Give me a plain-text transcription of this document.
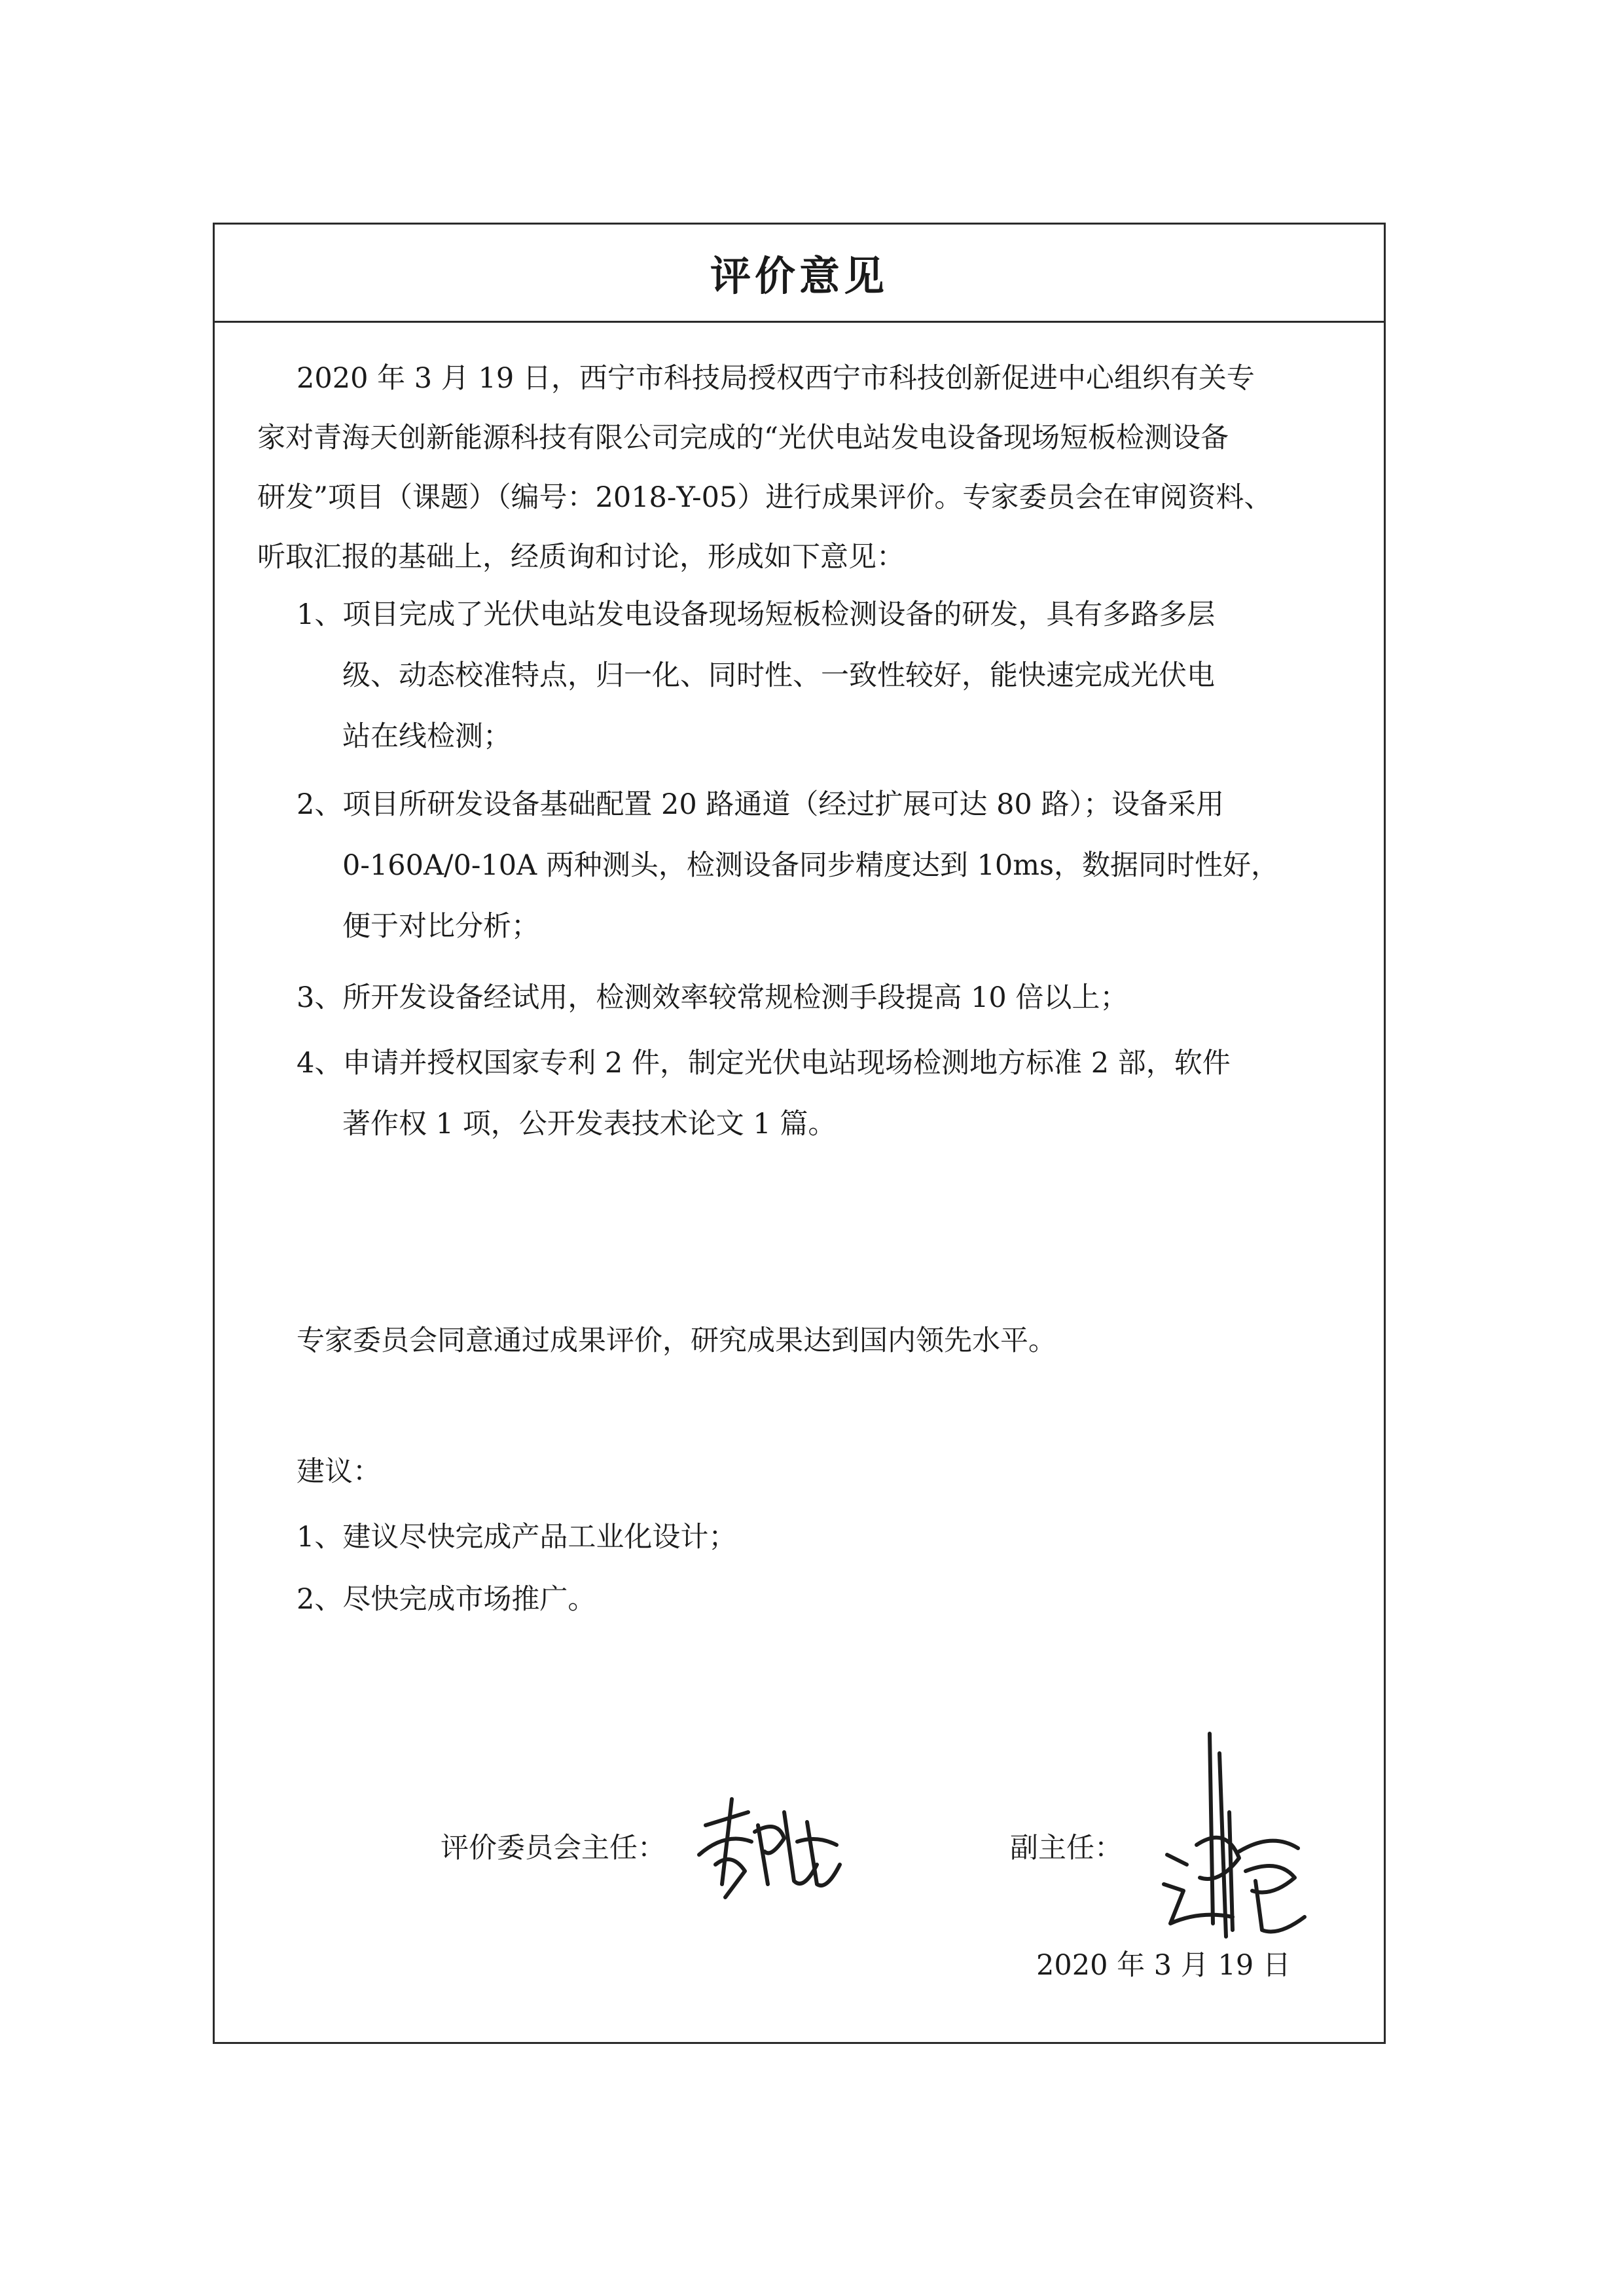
评价意见
2020 年 3 月 19 日，西宁市科技局授权西宁市科技创新促进中心组织有关专
家对青海天创新能源科技有限公司完成的“光伏电站发电设备现场短板检测设备
研发”项目（课题）（编号：2018-Y-05）进行成果评价。专家委员会在审阅资料、
听取汇报的基础上，经质询和讨论，形成如下意见：
1、项目完成了光伏电站发电设备现场短板检测设备的研发，具有多路多层
级、动态校准特点，归一化、同时性、一致性较好，能快速完成光伏电
站在线检测；
2、项目所研发设备基础配置 20 路通道（经过扩展可达 80 路）；设备采用
0-160A/0-10A 两种测头，检测设备同步精度达到 10ms，数据同时性好，
便于对比分析；
3、所开发设备经试用，检测效率较常规检测手段提高 10 倍以上；
4、申请并授权国家专利 2 件，制定光伏电站现场检测地方标准 2 部，软件
著作权 1 项，公开发表技术论文 1 篇。
专家委员会同意通过成果评价，研究成果达到国内领先水平。
建议：
1、建议尽快完成产品工业化设计；
2、尽快完成市场推广。
评价委员会主任：	副主任：
2020 年 3 月 19 日
